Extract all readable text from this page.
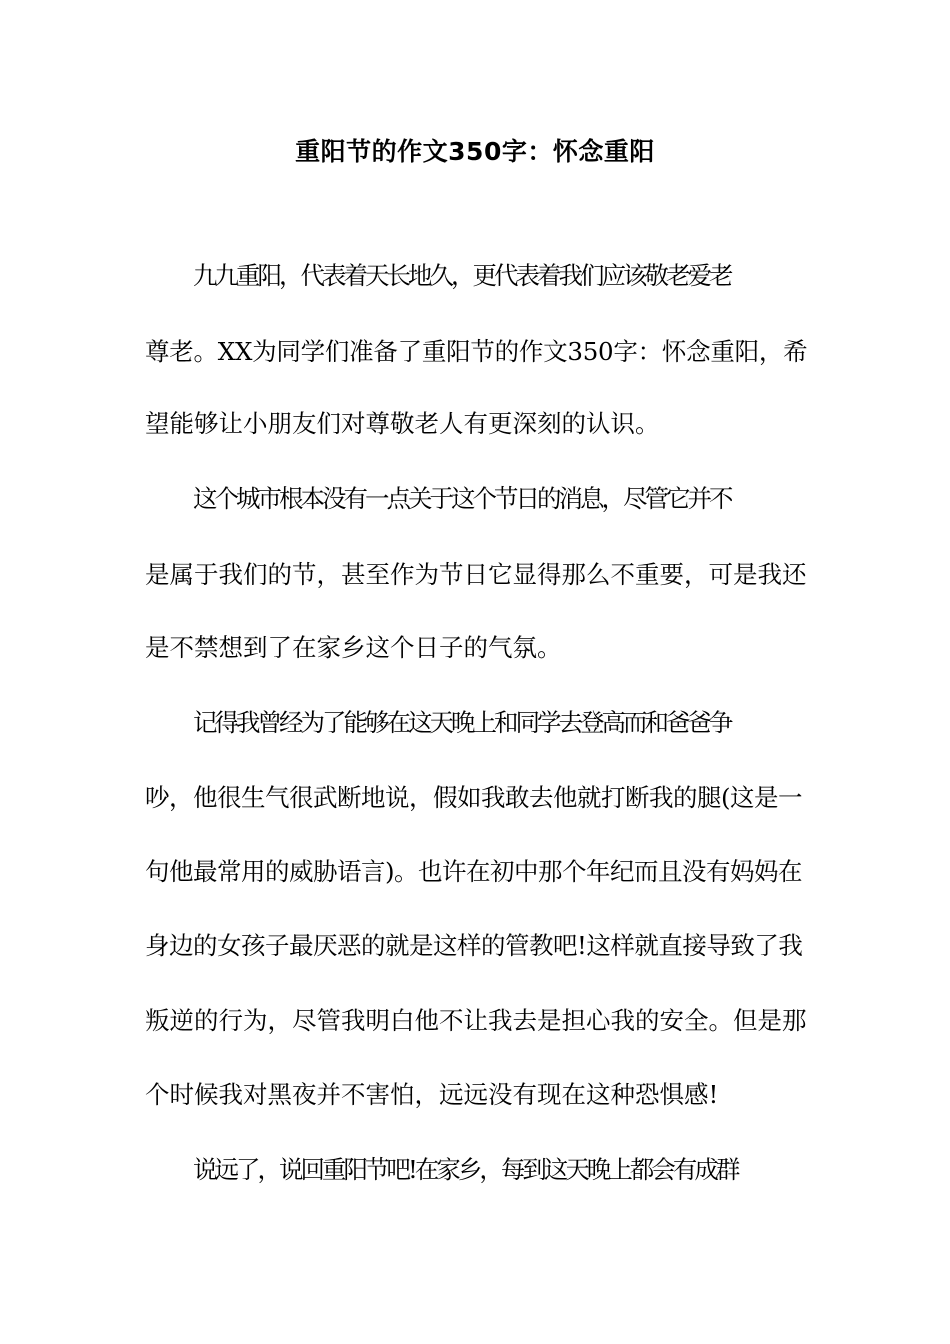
重阳节的作文350字：怀念重阳
九九重阳，代表着天长地久，更代表着我们应该敬老爱老
尊老。XX为同学们准备了重阳节的作文350字：怀念重阳，希
望能够让小朋友们对尊敬老人有更深刻的认识。
这个城市根本没有一点关于这个节日的消息，尽管它并不
是属于我们的节，甚至作为节日它显得那么不重要，可是我还
是不禁想到了在家乡这个日子的气氛。
记得我曾经为了能够在这天晚上和同学去登高而和爸爸争
吵，他很生气很武断地说，假如我敢去他就打断我的腿(这是一
句他最常用的威胁语言)。也许在初中那个年纪而且没有妈妈在
身边的女孩子最厌恶的就是这样的管教吧!这样就直接导致了我
叛逆的行为，尽管我明白他不让我去是担心我的安全。但是那
个时候我对黑夜并不害怕，远远没有现在这种恐惧感!
说远了，说回重阳节吧!在家乡，每到这天晚上都会有成群
